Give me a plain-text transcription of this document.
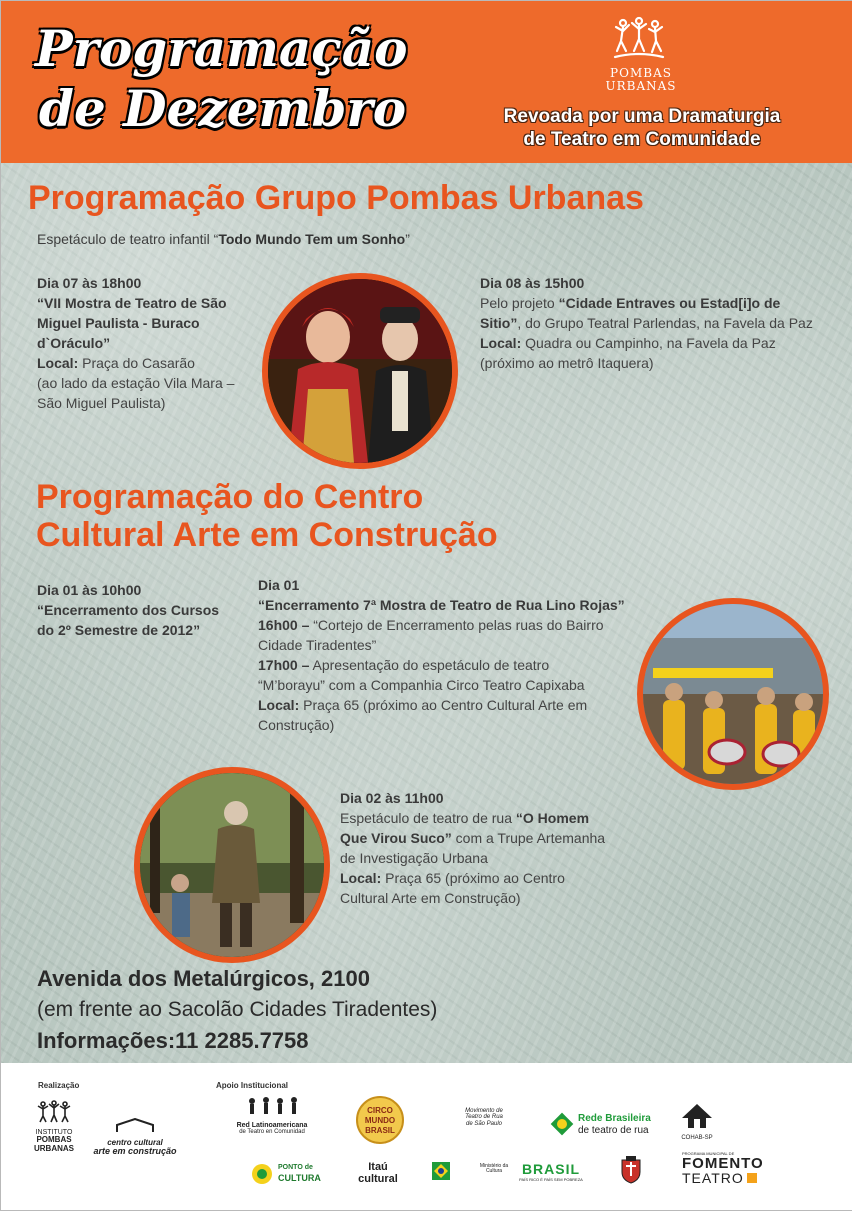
Programação
de Dezembro
POMBAS
URBANAS
Revoada por uma Dramaturgia
de Teatro em Comunidade
Programação Grupo Pombas Urbanas
Espetáculo de teatro infantil “Todo Mundo Tem um Sonho”
Dia 07 às 18h00
“VII Mostra de Teatro de São
Miguel Paulista - Buraco
d`Oráculo”
Local: Praça do Casarão
(ao lado da estação Vila Mara –
São Miguel Paulista)
Dia 08 às 15h00
Pelo projeto “Cidade Entraves ou Estad[i]o de
Sitio”, do Grupo Teatral Parlendas, na Favela da Paz
Local: Quadra ou Campinho, na Favela da Paz
(próximo ao metrô Itaquera)
Programação do Centro
Cultural Arte em Construção
Dia 01 às 10h00
“Encerramento dos Cursos
do 2º Semestre de 2012”
Dia 01
“Encerramento 7ª Mostra de Teatro de Rua Lino Rojas”
16h00 – “Cortejo de Encerramento pelas ruas do Bairro
Cidade Tiradentes”
17h00 – Apresentação do espetáculo de teatro
“M’borayu” com a Companhia Circo Teatro Capixaba
Local: Praça 65 (próximo ao Centro Cultural Arte em
Construção)
Dia 02 às 11h00
Espetáculo de teatro de rua “O Homem
Que Virou Suco” com a Trupe Artemanha
de Investigação Urbana
Local: Praça 65 (próximo ao Centro
Cultural Arte em Construção)
Avenida dos Metalúrgicos, 2100
(em frente ao Sacolão Cidades Tiradentes)
Informações:11 2285.7758
Realização	Apoio Institucional
INSTITUTO
POMBAS
URBANAS
centro cultural
arte em construção
Red Latinoamericana
de Teatro en Comunidad
CIRCO
MUNDO
BRASIL
Movimento de
Teatro de Rua
de São Paulo	Rede Brasileira
de teatro de rua
COHAB-SP
PONTO de
CULTURA
Itaú
cultural
Ministério da
Cultura	BRASIL
PAÍS RICO É PAÍS SEM POBREZA
PROGRAMA MUNICIPAL DE
FOMENTO
TEATRO
